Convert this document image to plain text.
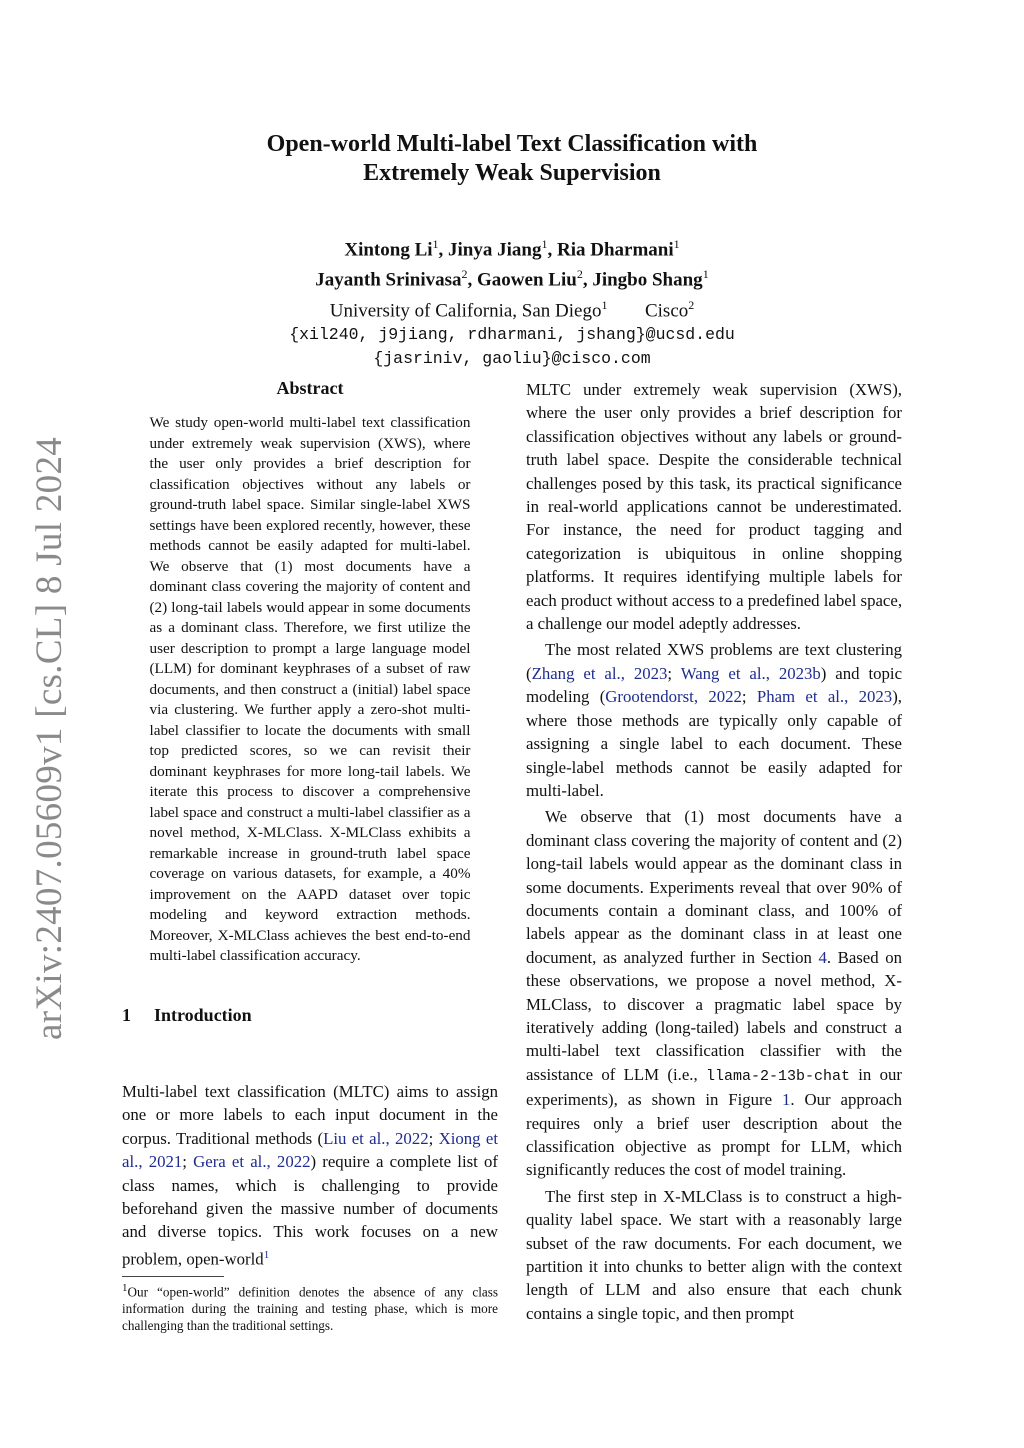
arXiv:2407.05609v1 [cs.CL] 8 Jul 2024
Open-world Multi-label Text Classification with
Extremely Weak Supervision
Xintong Li$^1$, Jinya Jiang$^1$, Ria Dharmani$^1$
Jayanth Srinivasa$^2$, Gaowen Liu$^2$, Jingbo Shang$^1$
University of California, San Diego$^1$ Cisco$^2$
{xil240, j9jiang, rdharmani, jshang}@ucsd.edu
{jasriniv, gaoliu}@cisco.com
Abstract

We study open-world multi-label text classification under extremely weak supervision (XWS), where the user only provides a brief description for classification objectives without any labels or ground-truth label space. Similar single-label XWS settings have been explored recently, however, these methods cannot be easily adapted for multi-label. We observe that (1) most documents have a dominant class covering the majority of content and (2) long-tail labels would appear in some documents as a dominant class. Therefore, we first utilize the user description to prompt a large language model (LLM) for dominant keyphrases of a subset of raw documents, and then construct a (initial) label space via clustering. We further apply a zero-shot multi-label classifier to locate the documents with small top predicted scores, so we can revisit their dominant keyphrases for more long-tail labels. We iterate this process to discover a comprehensive label space and construct a multi-label classifier as a novel method, X-MLClass. X-MLClass exhibits a remarkable increase in ground-truth label space coverage on various datasets, for example, a 40% improvement on the AAPD dataset over topic modeling and keyword extraction methods. Moreover, X-MLClass achieves the best end-to-end multi-label classification accuracy.

1 Introduction

Multi-label text classification (MLTC) aims to assign one or more labels to each input document in the corpus. Traditional methods (Liu et al., 2022; Xiong et al., 2021; Gera et al., 2022) require a complete list of class names, which is challenging to provide beforehand given the massive number of documents and diverse topics. This work focuses on a new problem, open-world$^1$

MLTC under extremely weak supervision (XWS), where the user only provides a brief description for classification objectives without any labels or ground-truth label space. Despite the considerable technical challenges posed by this task, its practical significance in real-world applications cannot be underestimated. For instance, the need for product tagging and categorization is ubiquitous in online shopping platforms. It requires identifying multiple labels for each product without access to a predefined label space, a challenge our model adeptly addresses.

The most related XWS problems are text clustering (Zhang et al., 2023; Wang et al., 2023b) and topic modeling (Grootendorst, 2022; Pham et al., 2023), where those methods are typically only capable of assigning a single label to each document. These single-label methods cannot be easily adapted for multi-label.

We observe that (1) most documents have a dominant class covering the majority of content and (2) long-tail labels would appear as the dominant class in some documents. Experiments reveal that over 90% of documents contain a dominant class, and 100% of labels appear as the dominant class in at least one document, as analyzed further in Section 4. Based on these observations, we propose a novel method, X-MLClass, to discover a pragmatic label space by iteratively adding (long-tailed) labels and construct a multi-label text classification classifier with the assistance of LLM (i.e., llama-2-13b-chat in our experiments), as shown in Figure 1. Our approach requires only a brief user description about the classification objective as prompt for LLM, which significantly reduces the cost of model training.

The first step in X-MLClass is to construct a high-quality label space. We start with a reasonably large subset of the raw documents. For each document, we partition it into chunks to better align with the context length of LLM and also ensure that each chunk contains a single topic, and then prompt

$^1$Our “open-world” definition denotes the absence of any class information during the training and testing phase, which is more challenging than the traditional settings.
